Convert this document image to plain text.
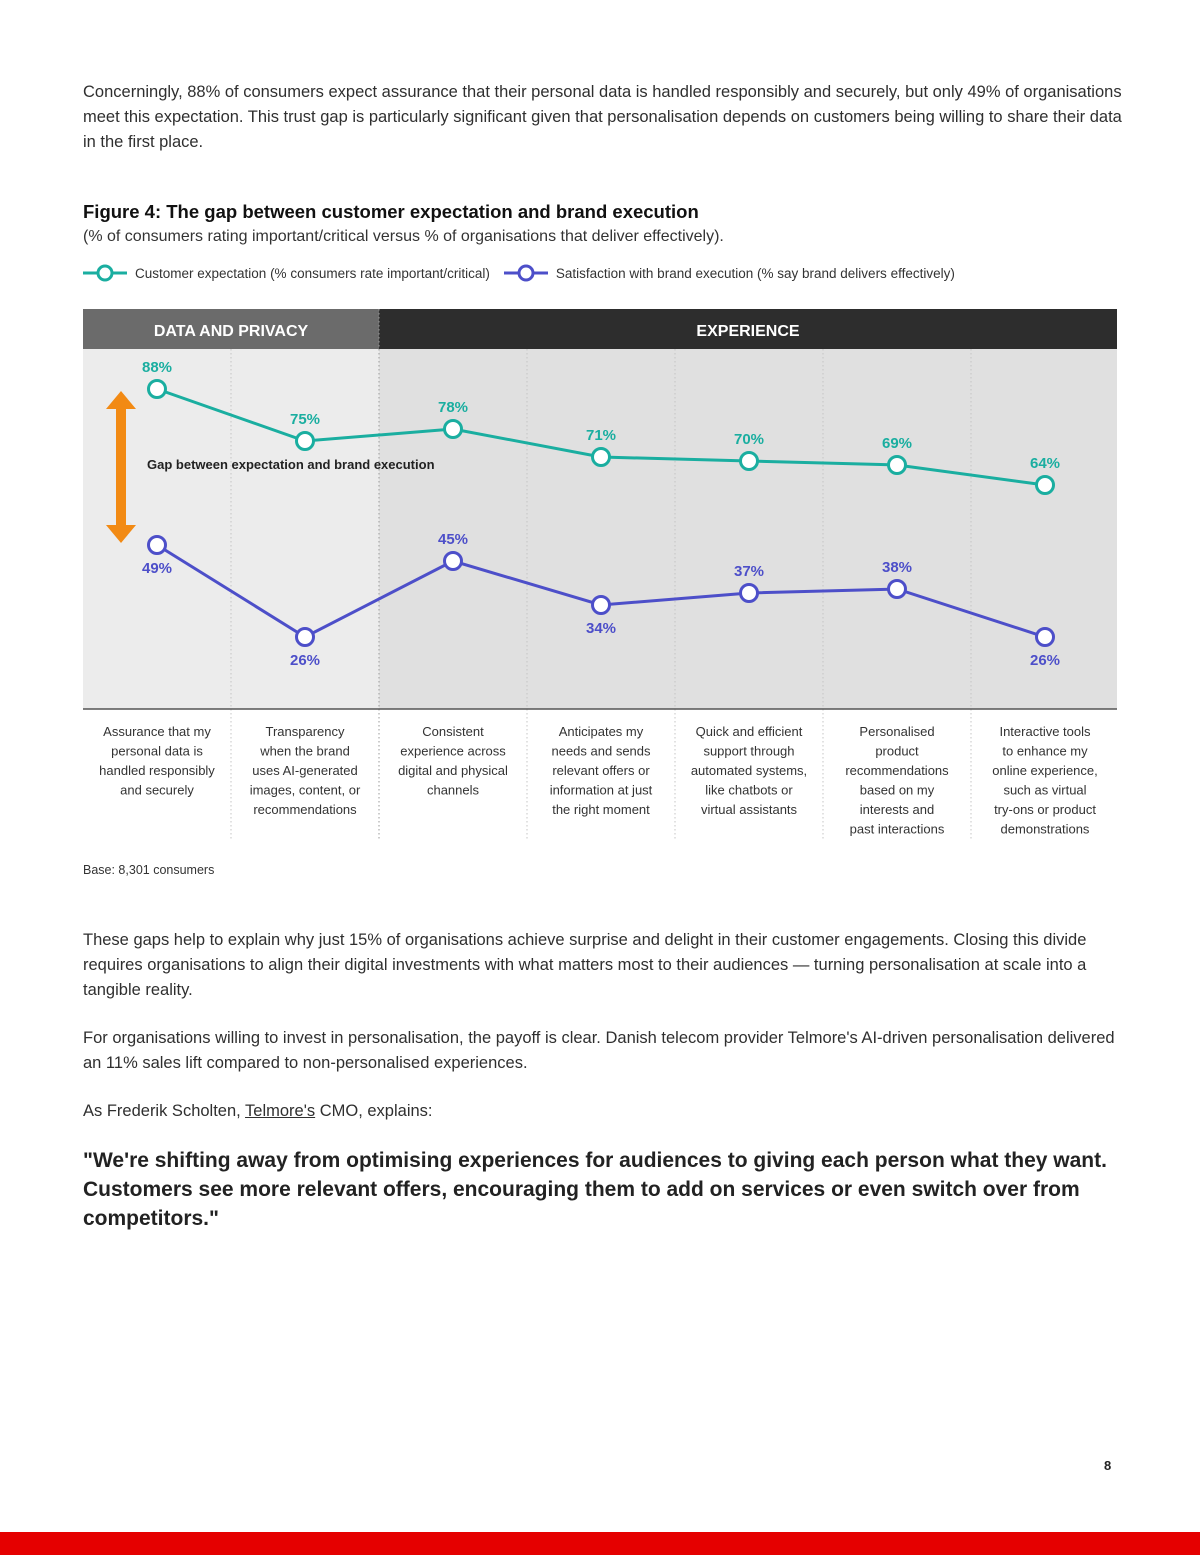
Concerningly, 88% of consumers expect assurance that their personal data is handled responsibly and securely, but only 49% of organisations meet this expectation. This trust gap is particularly significant given that personalisation depends on customers being willing to share their data in the first place.

Figure 4: The gap between customer expectation and brand execution

(% of consumers rating important/critical versus % of organisations that deliver effectively).

Customer expectation (% consumers rate important/critical)	Satisfaction with brand execution (% say brand delivers effectively)
DATA AND PRIVACY	EXPERIENCE
Gap between expectation and brand execution
88%
75%
78%
71%	70%	69%
64%
49%
26%
45%
34%
37%	38%
26%
Assurance that my personal data is handled responsibly and securely
Transparency when the brand uses AI-generated images, content, or recommendations
Consistent experience across digital and physical channels
Anticipates my needs and sends relevant offers or information at just the right moment
Quick and efficient support through automated systems, like chatbots or virtual assistants
Personalised product recommendations based on my interests and past interactions
Interactive tools to enhance my online experience, such as virtual try-ons or product demonstrations

Base: 8,301 consumers

These gaps help to explain why just 15% of organisations achieve surprise and delight in their customer engagements. Closing this divide requires organisations to align their digital investments with what matters most to their audiences — turning personalisation at scale into a tangible reality.

For organisations willing to invest in personalisation, the payoff is clear. Danish telecom provider Telmore's AI-driven personalisation delivered an 11% sales lift compared to non-personalised experiences.

As Frederik Scholten, Telmore's CMO, explains:

"We're shifting away from optimising experiences for audiences to giving each person what they want. Customers see more relevant offers, encouraging them to add on services or even switch over from competitors."

8
